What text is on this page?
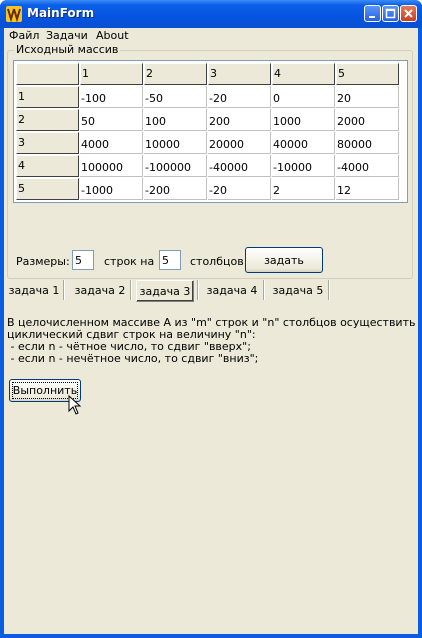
MainForm
Файл Задачи About
Исходный массив
	1	2	3	4	5
1	-100	-50	-20	0	20
2	50	100	200	1000	2000
3	4000	10000	20000	40000	80000
4	100000	-100000	-40000	-10000	-4000
5	-1000	-200	-20	2	12
Размеры: 5	строк на 5	столбцов	задать
задача 1 задача 2	задача 3	задача 4 задача 5
В целочисленном массиве А из "m" строк и "n" столбцов осуществить
циклический сдвиг строк на величину "n":
- если n - чётное число, то сдвиг "вверх";
- если n - нечётное число, то сдвиг "вниз";
Выполнить
